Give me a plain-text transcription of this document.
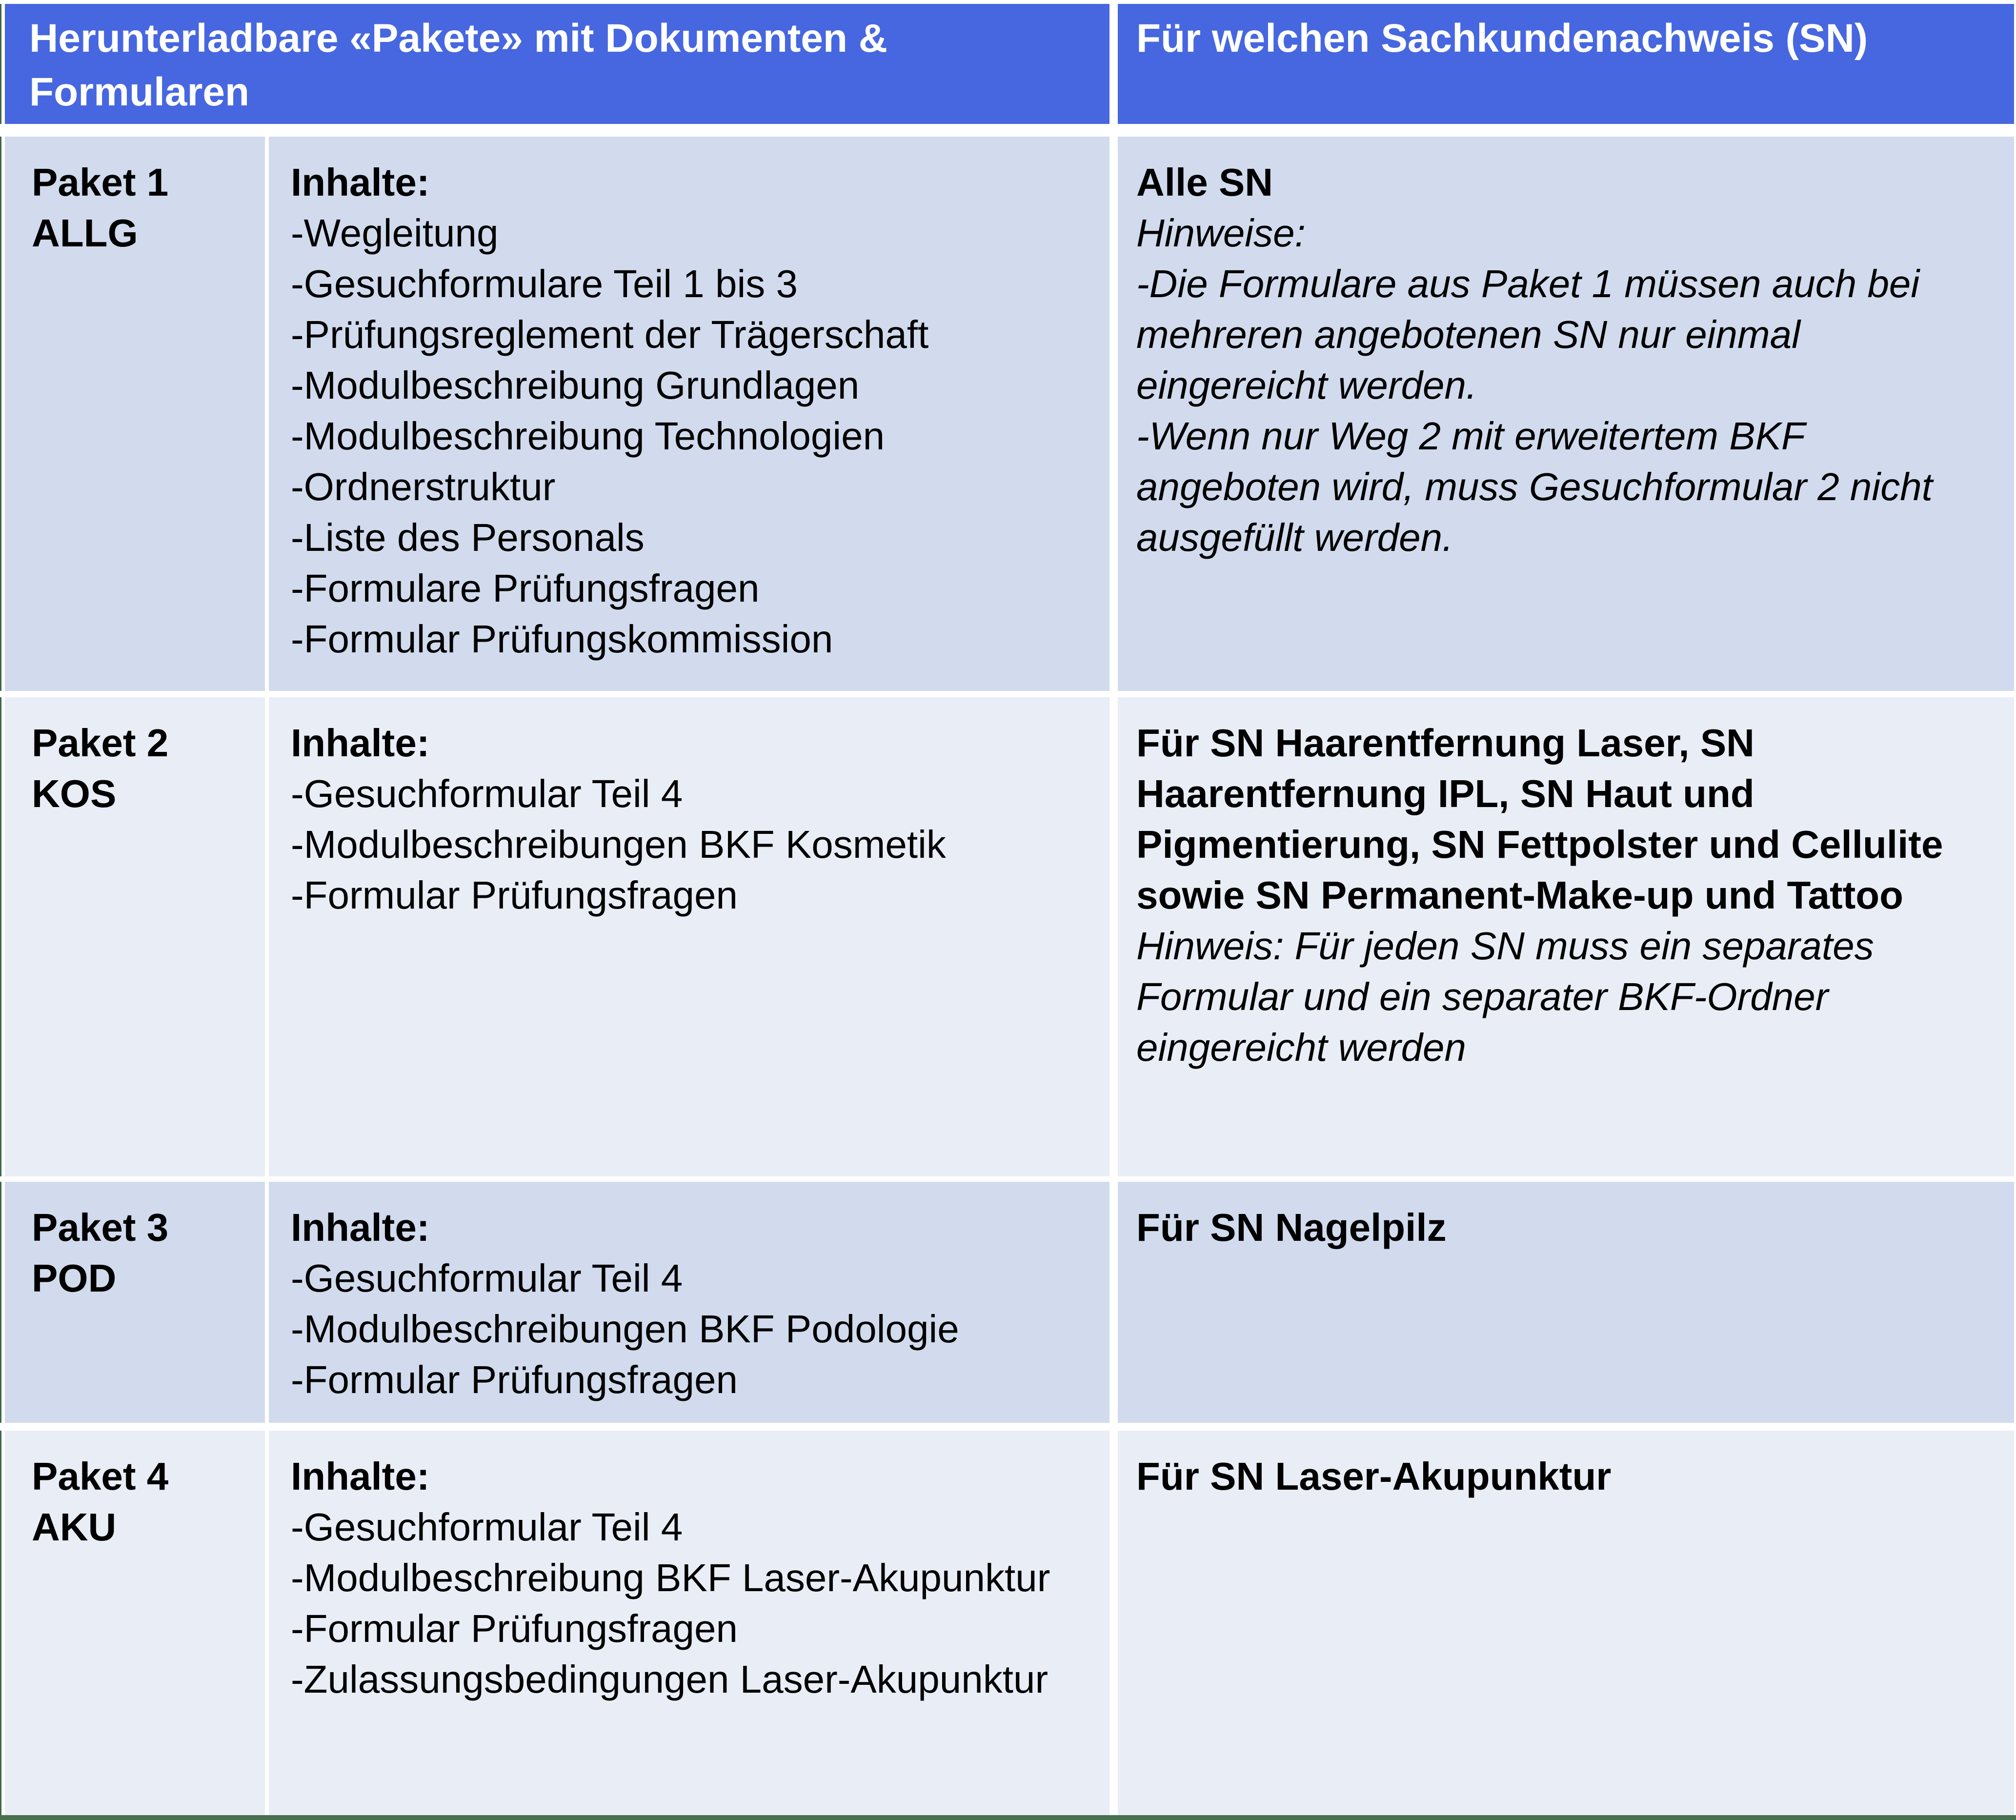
Herunterladbare «Pakete» mit Dokumenten & Formularen
Für welchen Sachkundenachweis (SN)
Paket 1
ALLG
Inhalte:
-Wegleitung
-Gesuchformulare Teil 1 bis 3
-Prüfungsreglement der Trägerschaft
-Modulbeschreibung Grundlagen
-Modulbeschreibung Technologien
-Ordnerstruktur
-Liste des Personals
-Formulare Prüfungsfragen
-Formular Prüfungskommission
Alle SN
Hinweise:
-Die Formulare aus Paket 1 müssen auch bei mehreren angebotenen SN nur einmal eingereicht werden.
-Wenn nur Weg 2 mit erweitertem BKF angeboten wird, muss Gesuchformular 2 nicht ausgefüllt werden.
Paket 2
KOS
Inhalte:
-Gesuchformular Teil 4
-Modulbeschreibungen BKF Kosmetik
-Formular Prüfungsfragen
Für SN Haarentfernung Laser, SN Haarentfernung IPL, SN Haut und Pigmentierung, SN Fettpolster und Cellulite sowie SN Permanent-Make-up und Tattoo
Hinweis: Für jeden SN muss ein separates Formular und ein separater BKF-Ordner eingereicht werden
Paket 3
POD
Inhalte:
-Gesuchformular Teil 4
-Modulbeschreibungen BKF Podologie
-Formular Prüfungsfragen
Für SN Nagelpilz
Paket 4
AKU
Inhalte:
-Gesuchformular Teil 4
-Modulbeschreibung BKF Laser-Akupunktur
-Formular Prüfungsfragen
-Zulassungsbedingungen Laser-Akupunktur
Für SN Laser-Akupunktur
